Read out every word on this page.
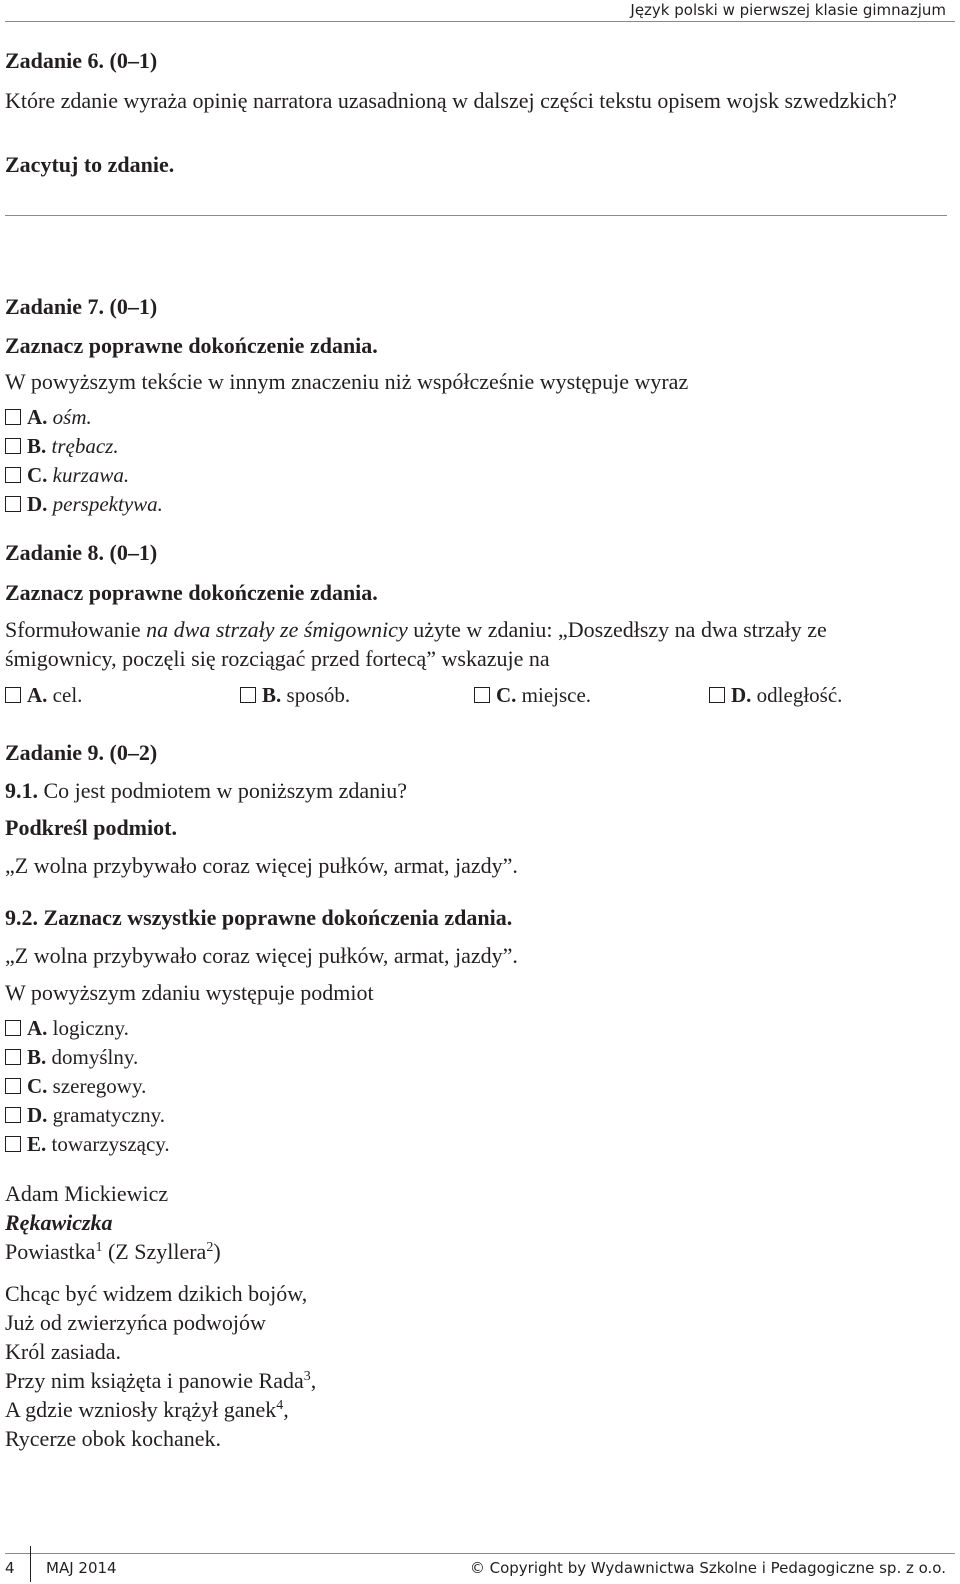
Język polski w pierwszej klasie gimnazjum
Zadanie 6. (0–1)
Które zdanie wyraża opinię narratora uzasadnioną w dalszej części tekstu opisem wojsk szwedzkich?
Zacytuj to zdanie.
Zadanie 7. (0–1)
Zaznacz poprawne dokończenie zdania.
W powyższym tekście w innym znaczeniu niż współcześnie występuje wyraz
A. ośm.
B. trębacz.
C. kurzawa.
D. perspektywa.
Zadanie 8. (0–1)
Zaznacz poprawne dokończenie zdania.
Sformułowanie na dwa strzały ze śmigownicy użyte w zdaniu: „Doszedłszy na dwa strzały ze
śmigownicy, poczęli się rozciągać przed fortecą” wskazuje na
A. cel.	B. sposób.	C. miejsce.	D. odległość.
Zadanie 9. (0–2)
9.1. Co jest podmiotem w poniższym zdaniu?
Podkreśl podmiot.
„Z wolna przybywało coraz więcej pułków, armat, jazdy”.
9.2. Zaznacz wszystkie poprawne dokończenia zdania.
„Z wolna przybywało coraz więcej pułków, armat, jazdy”.
W powyższym zdaniu występuje podmiot
A. logiczny.
B. domyślny.
C. szeregowy.
D. gramatyczny.
E. towarzyszący.
Adam Mickiewicz
Rękawiczka
Powiastka$^1$ (Z Szyllera$^2$)
Chcąc być widzem dzikich bojów,
Już od zwierzyńca podwojów
Król zasiada.
Przy nim książęta i panowie Rada$^3$,
A gdzie wzniosły krążył ganek$^4$,
Rycerze obok kochanek.
4 MAJ 2014	© Copyright by Wydawnictwa Szkolne i Pedagogiczne sp. z o.o.
